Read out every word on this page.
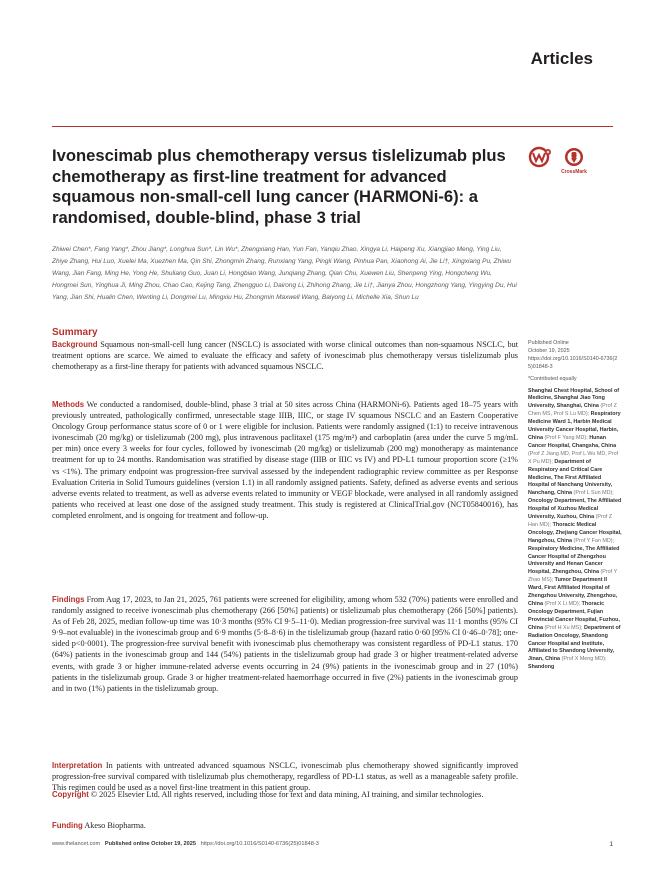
Articles
Ivonescimab plus chemotherapy versus tislelizumab plus chemotherapy as first-line treatment for advanced squamous non-small-cell lung cancer (HARMONi-6): a randomised, double-blind, phase 3 trial
CrossMark
Zhiwei Chen*, Fang Yang*, Zhou Jiang*, Longhua Sun*, Lin Wu*, Zhengxiang Han, Yun Fan, Yanqiu Zhao, Xingya Li, Haipeng Xu, Xiangjiao Meng, Ying Liu, Zhiye Zhang, Hui Luo, Xuelei Ma, Xuezhen Ma, Qin Shi, Zhongmin Zhang, Runxiang Yang, Pingli Wang, Pinhua Pan, Xiaohong Ai, Jie Li†, Xingxiang Pu, Zhiwu Wang, Jian Fang, Ming He, Yong He, Shuliang Guo, Juan Li, Hongbiao Wang, Junqiang Zhang, Qian Chu, Xuewen Liu, Shenpeng Ying, Hongcheng Wu, Hongmei Sun, Yinghua Ji, Ming Zhou, Chao Cao, Kejing Tang, Zhengguo Li, Dairong Li, Zhihong Zhang, Jie Li†, Jianya Zhou, Hongzhong Yang, Yingying Du, Hui Yang, Jian Shi, Hualin Chen, Wenting Li, Dongmei Lu, Mingxiu Hu, Zhongmin Maxwell Wang, Baiyong Li, Michelle Xia, Shun Lu
Summary
Background Squamous non-small-cell lung cancer (NSCLC) is associated with worse clinical outcomes than non-squamous NSCLC, but treatment options are scarce. We aimed to evaluate the efficacy and safety of ivonescimab plus chemotherapy versus tislelizumab plus chemotherapy as a first-line therapy for patients with advanced squamous NSCLC.
Methods We conducted a randomised, double-blind, phase 3 trial at 50 sites across China (HARMONi-6). Patients aged 18–75 years with previously untreated, pathologically confirmed, unresectable stage IIIB, IIIC, or stage IV squamous NSCLC and an Eastern Cooperative Oncology Group performance status score of 0 or 1 were eligible for inclusion. Patients were randomly assigned (1:1) to receive intravenous ivonescimab (20 mg/kg) or tislelizumab (200 mg), plus intravenous paclitaxel (175 mg/m²) and carboplatin (area under the curve 5 mg/mL per min) once every 3 weeks for four cycles, followed by ivonescimab (20 mg/kg) or tislelizumab (200 mg) monotherapy as maintenance treatment for up to 24 months. Randomisation was stratified by disease stage (IIIB or IIIC vs IV) and PD-L1 tumour proportion score (≥1% vs <1%). The primary endpoint was progression-free survival assessed by the independent radiographic review committee as per Response Evaluation Criteria in Solid Tumours guidelines (version 1.1) in all randomly assigned patients. Safety, defined as adverse events and serious adverse events related to treatment, as well as adverse events related to immunity or VEGF blockade, were analysed in all randomly assigned patients who received at least one dose of the assigned study treatment. This study is registered at ClinicalTrial.gov (NCT05840016), has completed enrolment, and is ongoing for treatment and follow-up.
Findings From Aug 17, 2023, to Jan 21, 2025, 761 patients were screened for eligibility, among whom 532 (70%) patients were enrolled and randomly assigned to receive ivonescimab plus chemotherapy (266 [50%] patients) or tislelizumab plus chemotherapy (266 [50%] patients). As of Feb 28, 2025, median follow-up time was 10·3 months (95% CI 9·5–11·0). Median progression-free survival was 11·1 months (95% CI 9·9–not evaluable) in the ivonescimab group and 6·9 months (5·8–8·6) in the tislelizumab group (hazard ratio 0·60 [95% CI 0·46–0·78]; one-sided p<0·0001). The progression-free survival benefit with ivonescimab plus chemotherapy was consistent regardless of PD-L1 status. 170 (64%) patients in the ivonescimab group and 144 (54%) patients in the tislelizumab group had grade 3 or higher treatment-related adverse events, with grade 3 or higher immune-related adverse events occurring in 24 (9%) patients in the ivonescimab group and in 27 (10%) patients in the tislelizumab group. Grade 3 or higher treatment-related haemorrhage occurred in five (2%) patients in the ivonescimab group and in two (1%) patients in the tislelizumab group.
Interpretation In patients with untreated advanced squamous NSCLC, ivonescimab plus chemotherapy showed significantly improved progression-free survival compared with tislelizumab plus chemotherapy, regardless of PD-L1 status, as well as a manageable safety profile. This regimen could be used as a novel first-line treatment in this patient group.
Funding Akeso Biopharma.
Copyright © 2025 Elsevier Ltd. All rights reserved, including those for text and data mining, AI training, and similar technologies.
Published Online
October 19, 2025
https://doi.org/10.1016/S0140-6736(25)01848-3
*Contributed equally
Shanghai Chest Hospital, School of Medicine, Shanghai Jiao Tong University, Shanghai, China (Prof Z Chen MS, Prof S Lu MD); Respiratory Medicine Ward 1, Harbin Medical University Cancer Hospital, Harbin, China (Prof F Yang MD); Hunan Cancer Hospital, Changsha, China (Prof Z Jiang MD, Prof L Wu MD, Prof X Pu MD); Department of Respiratory and Critical Care Medicine, The First Affiliated Hospital of Nanchang University, Nanchang, China (Prof L Sun MD); Oncology Department, The Affiliated Hospital of Xuzhou Medical University, Xuzhou, China (Prof Z Han MD); Thoracic Medical Oncology, Zhejiang Cancer Hospital, Hangzhou, China (Prof Y Fan MD); Respiratory Medicine, The Affiliated Cancer Hospital of Zhengzhou University and Henan Cancer Hospital, Zhengzhou, China (Prof Y Zhao MS); Tumor Department II Ward, First Affiliated Hospital of Zhengzhou University, Zhengzhou, China (Prof X Li MD); Thoracic Oncology Department, Fujian Provincial Cancer Hospital, Fuzhou, China (Prof H Xu MS); Department of Radiation Oncology, Shandong Cancer Hospital and Institute, Affiliated to Shandong University, Jinan, China (Prof X Meng MD); Shandong
www.thelancet.com Published online October 19, 2025 https://doi.org/10.1016/S0140-6736(25)01848-3	1
